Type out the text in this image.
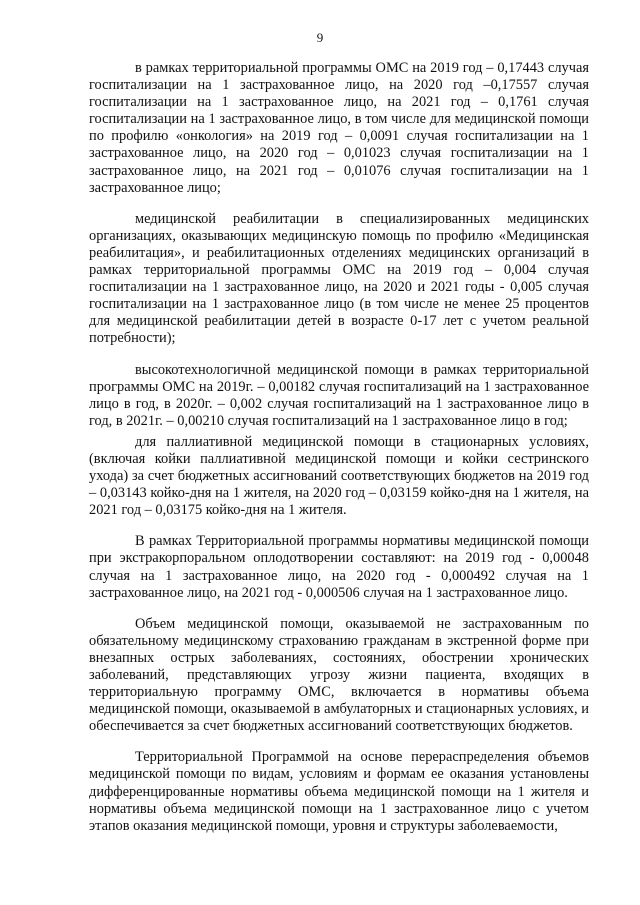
9

в рамках территориальной программы ОМС на 2019 год – 0,17443 случая госпитализации на 1 застрахованное лицо, на 2020 год –0,17557 случая госпитализации на 1 застрахованное лицо, на 2021 год – 0,1761 случая госпитализации на 1 застрахованное лицо, в том числе для медицинской помощи по профилю «онкология» на 2019 год – 0,0091 случая госпитализации на 1 застрахованное лицо, на 2020 год – 0,01023 случая госпитализации на 1 застрахованное лицо, на 2021 год – 0,01076 случая госпитализации на 1 застрахованное лицо;

медицинской реабилитации в специализированных медицинских организациях, оказывающих медицинскую помощь по профилю «Медицинская реабилитация», и реабилитационных отделениях медицинских организаций в рамках территориальной программы ОМС на 2019 год – 0,004 случая госпитализации на 1 застрахованное лицо, на 2020 и 2021 годы - 0,005 случая госпитализации на 1 застрахованное лицо (в том числе не менее 25 процентов для медицинской реабилитации детей в возрасте 0-17 лет с учетом реальной потребности);

высокотехнологичной медицинской помощи в рамках территориальной программы ОМС на 2019г. – 0,00182 случая госпитализаций на 1 застрахованное лицо в год, в 2020г. – 0,002 случая госпитализаций на 1 застрахованное лицо в год, в 2021г. – 0,00210 случая госпитализаций на 1 застрахованное лицо в год;

для паллиативной медицинской помощи в стационарных условиях, (включая койки паллиативной медицинской помощи и койки сестринского ухода) за счет бюджетных ассигнований соответствующих бюджетов на 2019 год – 0,03143 койко-дня на 1 жителя, на 2020 год – 0,03159 койко-дня на 1 жителя, на 2021 год – 0,03175 койко-дня на 1 жителя.

В рамках Территориальной программы нормативы медицинской помощи при экстракорпоральном оплодотворении составляют: на 2019 год - 0,00048 случая на 1 застрахованное лицо, на 2020 год - 0,000492 случая на 1 застрахованное лицо, на 2021 год - 0,000506 случая на 1 застрахованное лицо.

Объем медицинской помощи, оказываемой не застрахованным по обязательному медицинскому страхованию гражданам в экстренной форме при внезапных острых заболеваниях, состояниях, обострении хронических заболеваний, представляющих угрозу жизни пациента, входящих в территориальную программу ОМС, включается в нормативы объема медицинской помощи, оказываемой в амбулаторных и стационарных условиях, и обеспечивается за счет бюджетных ассигнований соответствующих бюджетов.

Территориальной Программой на основе перераспределения объемов медицинской помощи по видам, условиям и формам ее оказания установлены дифференцированные нормативы объема медицинской помощи на 1 жителя и нормативы объема медицинской помощи на 1 застрахованное лицо с учетом этапов оказания медицинской помощи, уровня и структуры заболеваемости,
